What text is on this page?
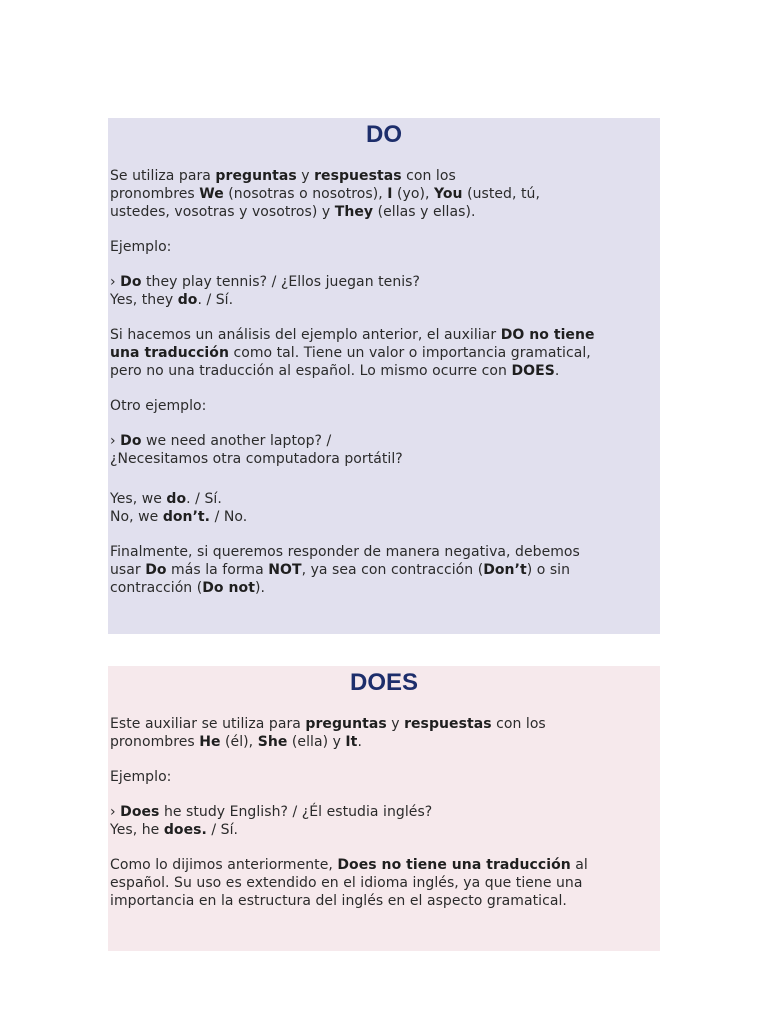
DO

Se utiliza para preguntas y respuestas con los
pronombres We (nosotras o nosotros), I (yo), You (usted, tú,
ustedes, vosotras y vosotros) y They (ellas y ellas).

Ejemplo:

› Do they play tennis? / ¿Ellos juegan tenis?
Yes, they do. / Sí.

Si hacemos un análisis del ejemplo anterior, el auxiliar DO no tiene
una traducción como tal. Tiene un valor o importancia gramatical,
pero no una traducción al español. Lo mismo ocurre con DOES.

Otro ejemplo:

› Do we need another laptop? /
¿Necesitamos otra computadora portátil?

Yes, we do. / Sí.
No, we don’t. / No.

Finalmente, si queremos responder de manera negativa, debemos
usar Do más la forma NOT, ya sea con contracción (Don’t) o sin
contracción (Do not).

DOES

Este auxiliar se utiliza para preguntas y respuestas con los
pronombres He (él), She (ella) y It.

Ejemplo:

› Does he study English? / ¿Él estudia inglés?
Yes, he does. / Sí.

Como lo dijimos anteriormente, Does no tiene una traducción al
español. Su uso es extendido en el idioma inglés, ya que tiene una
importancia en la estructura del inglés en el aspecto gramatical.
